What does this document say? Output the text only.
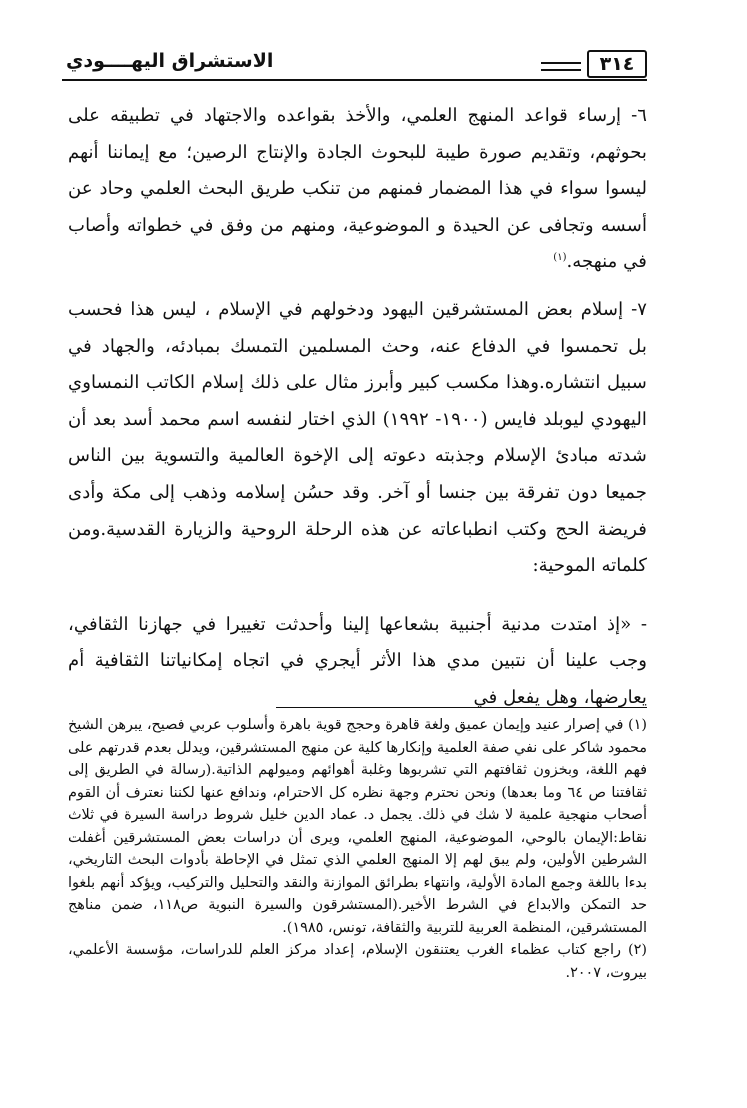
٣١٤
الاستشراق اليهــــودي

٦- إرساء قواعد المنهج العلمي، والأخذ بقواعده والاجتهاد في تطبيقه على بحوثهم، وتقديم صورة طيبة للبحوث الجادة والإنتاج الرصين؛ مع إيماننا أنهم ليسوا سواء في هذا المضمار فمنهم من تنكب طريق البحث العلمي وحاد عن أسسه وتجافى عن الحيدة و الموضوعية، ومنهم من وفق في خطواته وأصاب في منهجه.$^{(١)}$

٧- إسلام بعض المستشرقين اليهود ودخولهم في الإسلام ، ليس هذا فحسب بل تحمسوا في الدفاع عنه، وحث المسلمين التمسك بمبادئه، والجهاد في سبيل انتشاره.وهذا مكسب كبير وأبرز مثال على ذلك إسلام الكاتب النمساوي اليهودي ليوبلد فايس (١٩٠٠- ١٩٩٢) الذي اختار لنفسه اسم محمد أسد بعد أن شدته مبادئ الإسلام وجذبته دعوته إلى الإخوة العالمية والتسوية بين الناس جميعا دون تفرقة بين جنسا أو آخر. وقد حسُن إسلامه وذهب إلى مكة وأدى فريضة الحج وكتب انطباعاته عن هذه الرحلة الروحية والزيارة القدسية.ومن كلماته الموحية:

- «إذ امتدت مدنية أجنبية بشعاعها إلينا وأحدثت تغييرا في جهازنا الثقافي، وجب علينا أن نتبين مدي هذا الأثر أيجري في اتجاه إمكانياتنا الثقافية أم يعارضها، وهل يفعل في

(١) في إصرار عنيد وإيمان عميق ولغة قاهرة وحجج قوية باهرة وأسلوب عربي فصيح، يبرهن الشيخ محمود شاكر على نفي صفة العلمية وإنكارها كلية عن منهج المستشرقين، ويدلل بعدم قدرتهم على فهم اللغة، وبخزون ثقافتهم التي تشربوها وغلبة أهوائهم وميولهم الذاتية.(رسالة في الطريق إلى ثقافتنا ص ٦٤ وما بعدها) ونحن نحترم وجهة نظره كل الاحترام، وندافع عنها لكننا نعترف أن القوم أصحاب منهجية علمية لا شك في ذلك. يجمل د. عماد الدين خليل شروط دراسة السيرة في ثلاث نقاط:الإيمان بالوحي، الموضوعية، المنهج العلمي، ويرى أن دراسات بعض المستشرقين أغفلت الشرطين الأولين، ولم يبق لهم إلا المنهج العلمي الذي تمثل في الإحاطة بأدوات البحث التاريخي، بدءا باللغة وجمع المادة الأولية، وانتهاء بطرائق الموازنة والنقد والتحليل والتركيب، ويؤكد أنهم بلغوا حد التمكن والابداع في الشرط الأخير.(المستشرقون والسيرة النبوية ص١١٨، ضمن مناهج المستشرقين، المنظمة العربية للتربية والثقافة، تونس، ١٩٨٥).

(٢) راجع كتاب عظماء الغرب يعتنقون الإسلام، إعداد مركز العلم للدراسات، مؤسسة الأعلمي، بيروت، ٢٠٠٧.
